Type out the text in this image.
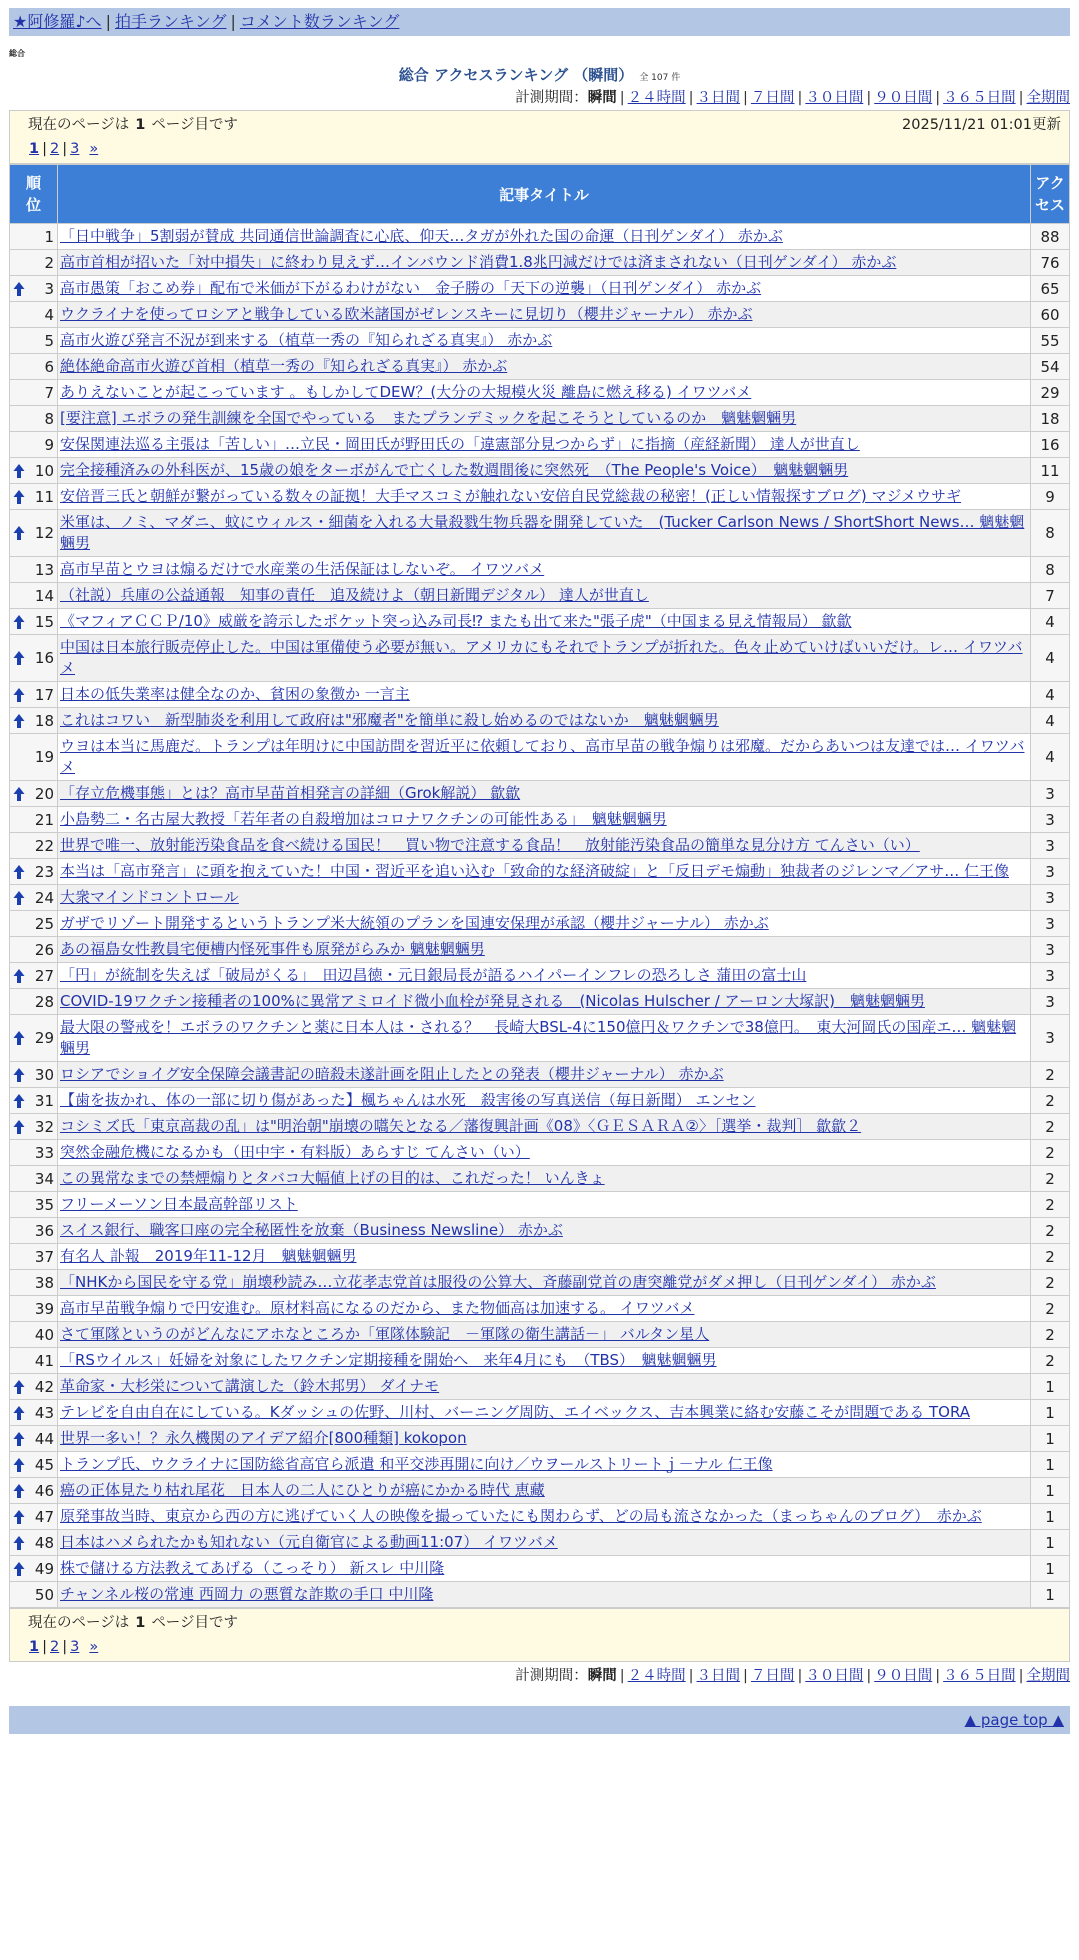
★阿修羅♪へ | 拍手ランキング | コメント数ランキング
総合
総合 アクセスランキング （瞬間） 全 107 件
計測期間：瞬間 | ２４時間 | ３日間 | ７日間 | ３０日間 | ９０日間 | ３６５日間 | 全期間
現在のページは 1 ページ目です	2025/11/21 01:01更新
1 | 2 | 3 »
順位	記事タイトル	アクセス
1	「日中戦争」5割弱が賛成 共同通信世論調査に心底、仰天…タガが外れた国の命運（日刊ゲンダイ） 赤かぶ	88
2	高市首相が招いた「対中損失」に終わり見えず…インバウンド消費1.8兆円減だけでは済まされない（日刊ゲンダイ） 赤かぶ	76

3	高市愚策「おこめ券」配布で米価が下がるわけがない　金子勝の「天下の逆襲」（日刊ゲンダイ） 赤かぶ	65
4	ウクライナを使ってロシアと戦争している欧米諸国がゼレンスキーに見切り（櫻井ジャーナル） 赤かぶ	60
5	高市火遊び発言不況が到来する（植草一秀の『知られざる真実』） 赤かぶ	55
6	絶体絶命高市火遊び首相（植草一秀の『知られざる真実』） 赤かぶ	54
7	ありえないことが起こっています 。もしかしてDEW？(大分の大規模火災 離島に燃え移る) イワツバメ	29
8	[要注意] エボラの発生訓練を全国でやっている　またプランデミックを起こそうとしているのか　魑魅魍魎男	18
9	安保関連法巡る主張は「苦しい」…立民・岡田氏が野田氏の「違憲部分見つからず」に指摘（産経新聞） 達人が世直し	16

10	完全接種済みの外科医が、15歳の娘をターボがんで亡くした数週間後に突然死　（The People's Voice）　魑魅魍魎男	11

11	安倍晋三氏と朝鮮が繋がっている数々の証拠！大手マスコミが触れない安倍自民党総裁の秘密！(正しい情報探すブログ) マジメウサギ	9

12	米軍は、ノミ、マダニ、蚊にウィルス・細菌を入れる大量殺戮生物兵器を開発していた　(Tucker Carlson News / ShortShort News… 魑魅魍魎男	8
13	高市早苗とウヨは煽るだけで水産業の生活保証はしないぞ。 イワツバメ	8
14	（社説）兵庫の公益通報　知事の責任　追及続けよ（朝日新聞デジタル） 達人が世直し	7

15	《マフィアＣＣＰ/10》威厳を誇示したポケット突っ込み司長⁉ またも出て来た"張子虎"（中国まる見え情報局） 歙歙	4

16	中国は日本旅行販売停止した。中国は軍備使う必要が無い。アメリカにもそれでトランプが折れた。色々止めていけばいいだけ。レ… イワツバメ	4

17	日本の低失業率は健全なのか、貧困の象徴か 一言主	4

18	これはコワい　新型肺炎を利用して政府は"邪魔者"を簡単に殺し始めるのではないか　魑魅魍魎男	4
19	ウヨは本当に馬鹿だ。トランプは年明けに中国訪問を習近平に依頼しており、高市早苗の戦争煽りは邪魔。だからあいつは友達では… イワツバメ	4

20	「存立危機事態」とは？高市早苗首相発言の詳細（Grok解説） 歙歙	3
21	小島勢二・名古屋大教授「若年者の自殺増加はコロナワクチンの可能性ある」　魑魅魍魎男	3
22	世界で唯一、放射能汚染食品を食べ続ける国民！　買い物で注意する食品！　放射能汚染食品の簡単な見分け方 てんさい（い）	3

23	本当は「高市発言」に頭を抱えていた！中国・習近平を追い込む「致命的な経済破綻」と「反日デモ煽動」独裁者のジレンマ／アサ… 仁王像	3

24	大衆マインドコントロール	3
25	ガザでリゾート開発するというトランプ米大統領のプランを国連安保理が承認（櫻井ジャーナル） 赤かぶ	3
26	あの福島女性教員宅便槽内怪死事件も原発がらみか 魑魅魍魎男	3

27	「円」が統制を失えば「破局がくる」　田辺昌徳・元日銀局長が語るハイパーインフレの恐ろしさ 蒲田の富士山	3
28	COVID-19ワクチン接種者の100%に異常アミロイド微小血栓が発見される　(Nicolas Hulscher / アーロン大塚訳)　魑魅魍魎男	3

29	最大限の警戒を！エボラのワクチンと薬に日本人は・される？　長崎大BSL-4に150億円＆ワクチンで38億円。　東大河岡氏の国産エ… 魑魅魍魎男	3

30	ロシアでショイグ安全保障会議書記の暗殺未遂計画を阻止したとの発表（櫻井ジャーナル） 赤かぶ	2

31	【歯を抜かれ、体の一部に切り傷があった】楓ちゃんは水死　殺害後の写真送信（毎日新聞） エンセン	2

32	コシミズ氏「東京高裁の乱」は"明治朝"崩壊の嚆矢となる／藩復興計画《08》〈ＧＥＳＡＲＡ②〉［選挙・裁判］ 歙歙２	2
33	突然金融危機になるかも（田中宇・有料版）あらすじ てんさい（い）	2
34	この異常なまでの禁煙煽りとタバコ大幅値上げの目的は、これだった！ いんきょ	2
35	フリーメーソン日本最高幹部リスト	2
36	スイス銀行、職客口座の完全秘匿性を放棄（Business Newsline） 赤かぶ	2
37	有名人 訃報　2019年11-12月　魑魅魍魎男	2
38	「NHKから国民を守る党」崩壊秒読み…立花孝志党首は服役の公算大、斉藤副党首の唐突離党がダメ押し（日刊ゲンダイ） 赤かぶ	2
39	高市早苗戦争煽りで円安進む。原材料高になるのだから、また物価高は加速する。 イワツバメ	2
40	さて軍隊というのがどんなにアホなところか「軍隊体験記　－軍隊の衛生講話－」 バルタン星人	2
41	「RSウイルス」妊婦を対象にしたワクチン定期接種を開始へ　来年4月にも　（TBS）　魑魅魍魎男	2

42	革命家・大杉栄について講演した（鈴木邦男） ダイナモ	1

43	テレビを自由自在にしている。Kダッシュの佐野、川村、バーニング周防、エイベックス、吉本興業に絡む安藤こそが問題である TORA	1

44	世界一多い！？永久機関のアイデア紹介[800種類] kokopon	1

45	トランプ氏、ウクライナに国防総省高官ら派遣 和平交渉再開に向け／ウヲールストリートｊ－ナル 仁王像	1

46	癌の正体見たり枯れ尾花　日本人の二人にひとりが癌にかかる時代 恵藏	1

47	原発事故当時、東京から西の方に逃げていく人の映像を撮っていたにも関わらず、どの局も流さなかった（まっちゃんのブログ）　赤かぶ	1

48	日本はハメられたかも知れない（元自衛官による動画11:07） イワツバメ	1

49	株で儲ける方法教えてあげる（こっそり） 新スレ 中川隆	1
50	チャンネル桜の常連 西岡力 の悪質な詐欺の手口 中川隆	1
現在のページは 1 ページ目です
1 | 2 | 3 »
計測期間：瞬間 | ２４時間 | ３日間 | ７日間 | ３０日間 | ９０日間 | ３６５日間 | 全期間
▲ page top ▲
